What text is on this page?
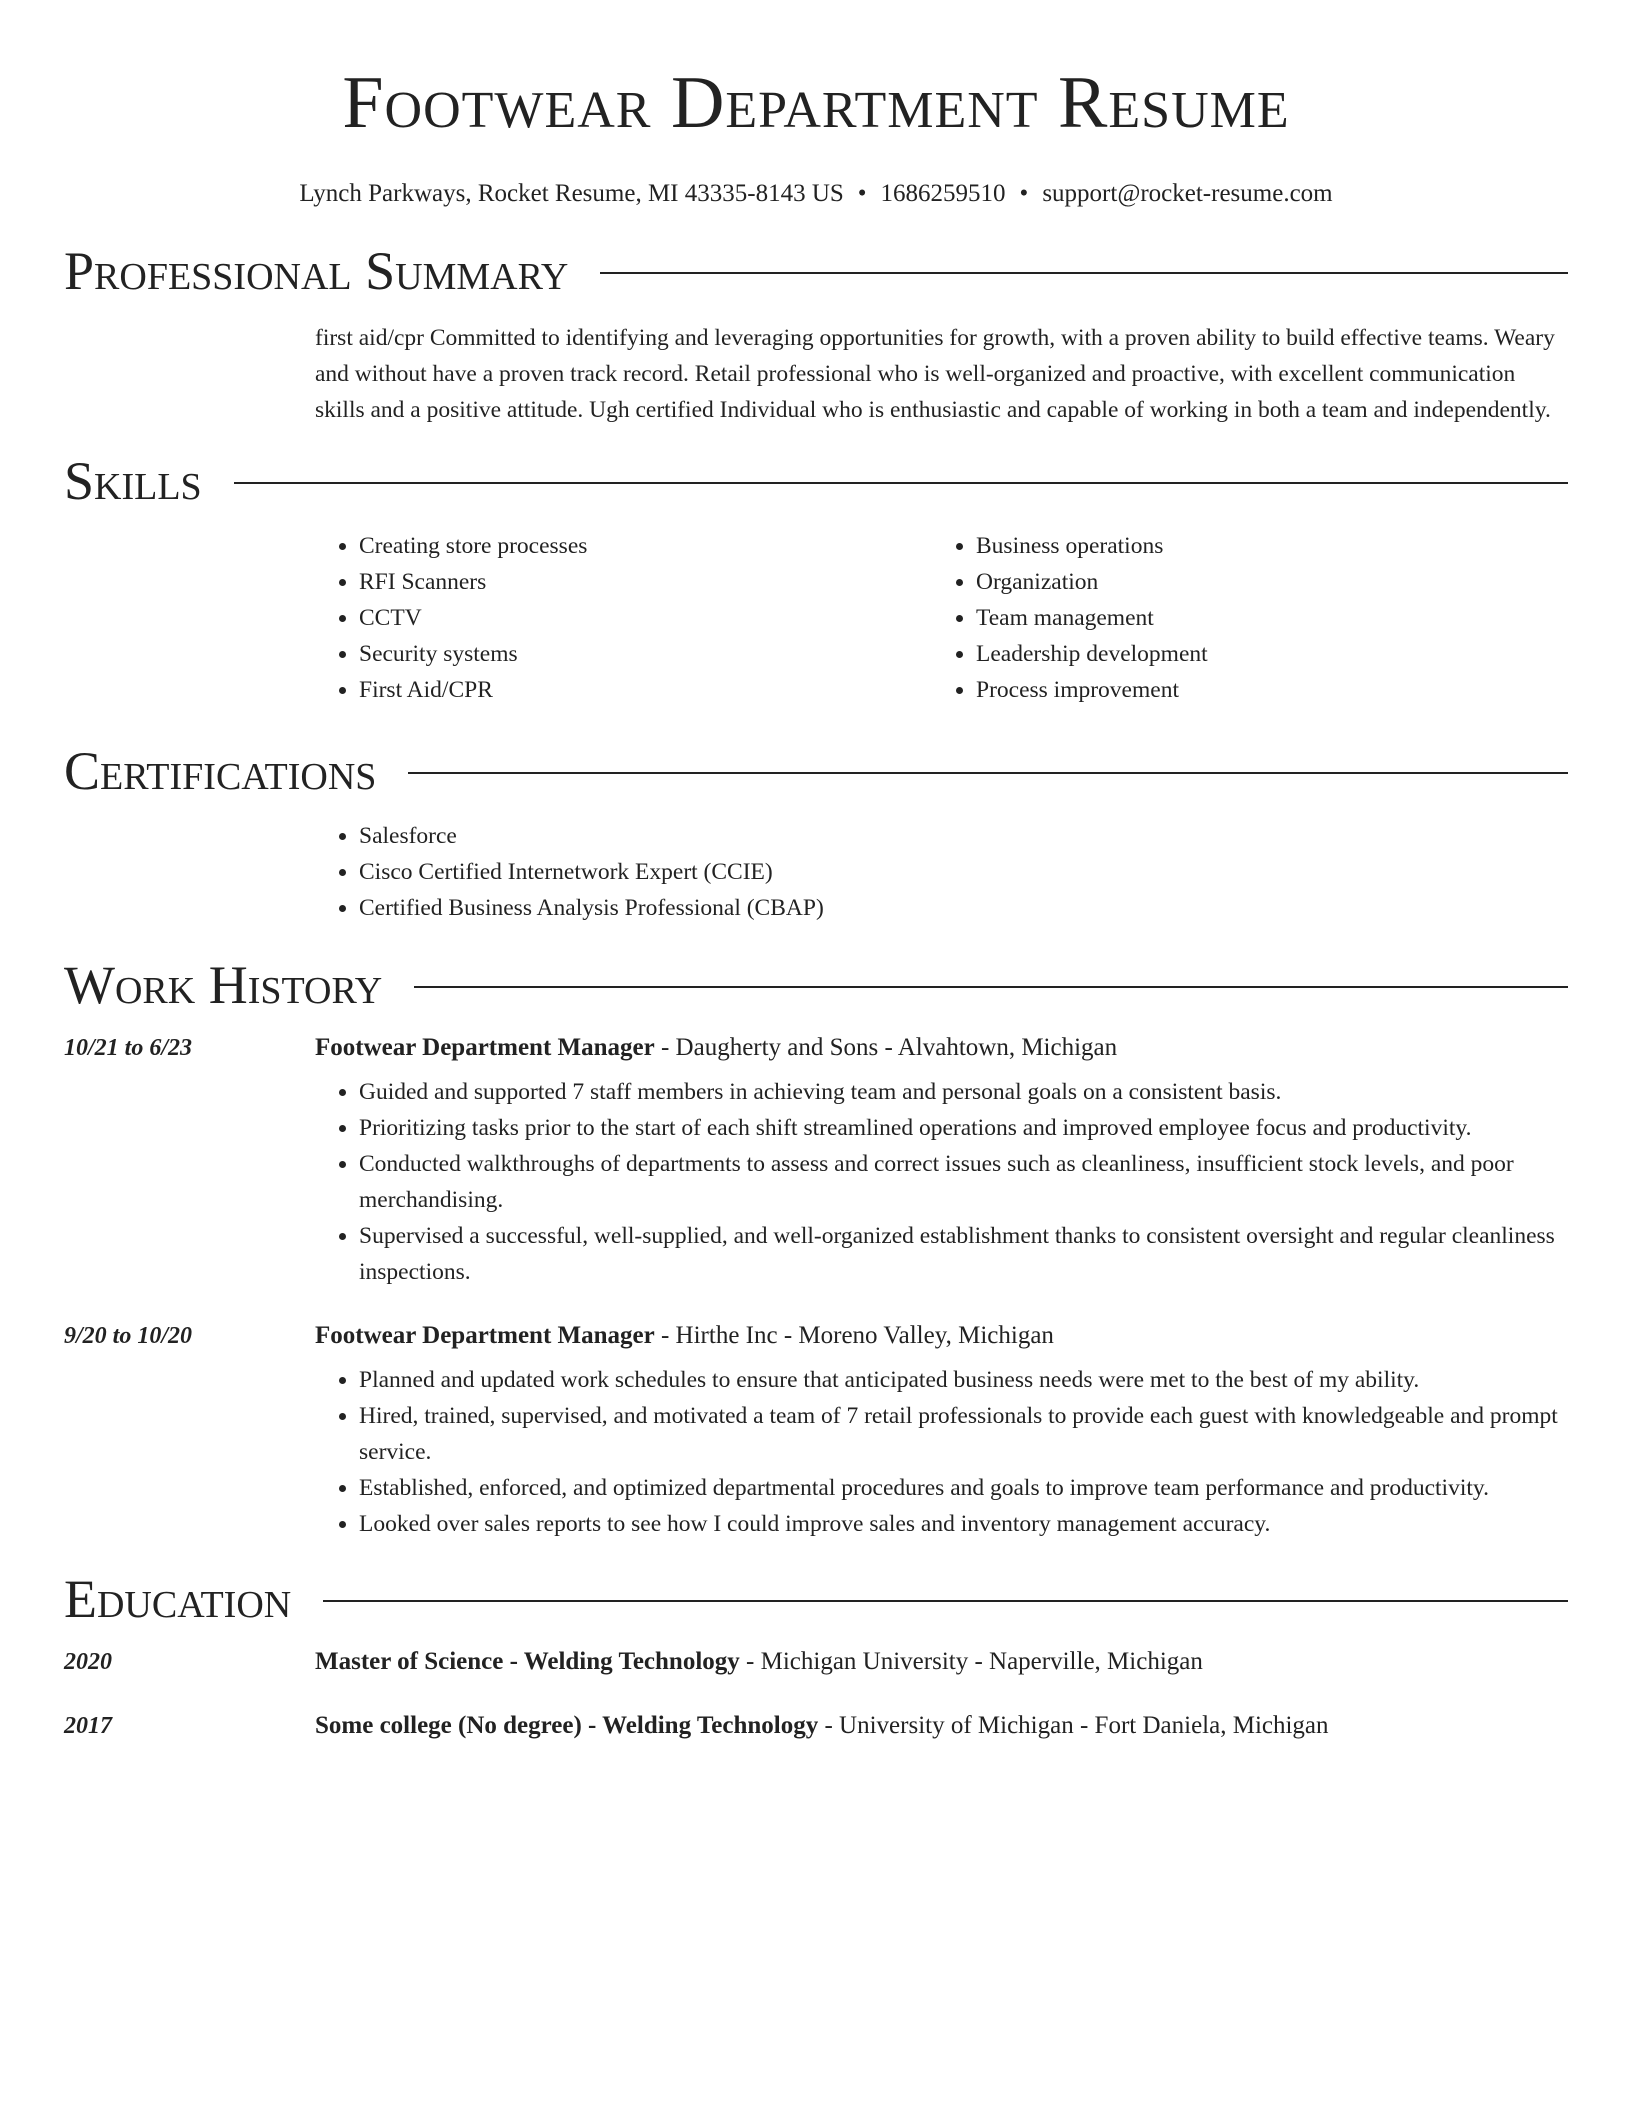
Footwear Department Resume
Lynch Parkways, Rocket Resume, MI 43335-8143 US • 1686259510 • support@rocket-resume.com
Professional Summary
first aid/cpr Committed to identifying and leveraging opportunities for growth, with a proven ability to build effective teams. Weary and without have a proven track record. Retail professional who is well-organized and proactive, with excellent communication skills and a positive attitude. Ugh certified Individual who is enthusiastic and capable of working in both a team and independently.
Skills
• Creating store processes
• RFI Scanners
• CCTV
• Security systems
• First Aid/CPR
• Business operations
• Organization
• Team management
• Leadership development
• Process improvement
Certifications
• Salesforce
• Cisco Certified Internetwork Expert (CCIE)
• Certified Business Analysis Professional (CBAP)
Work History
10/21 to 6/23	Footwear Department Manager - Daugherty and Sons - Alvahtown, Michigan
• Guided and supported 7 staff members in achieving team and personal goals on a consistent basis.
• Prioritizing tasks prior to the start of each shift streamlined operations and improved employee focus and productivity.
• Conducted walkthroughs of departments to assess and correct issues such as cleanliness, insufficient stock levels, and poor merchandising.
• Supervised a successful, well-supplied, and well-organized establishment thanks to consistent oversight and regular cleanliness inspections.
9/20 to 10/20	Footwear Department Manager - Hirthe Inc - Moreno Valley, Michigan
• Planned and updated work schedules to ensure that anticipated business needs were met to the best of my ability.
• Hired, trained, supervised, and motivated a team of 7 retail professionals to provide each guest with knowledgeable and prompt service.
• Established, enforced, and optimized departmental procedures and goals to improve team performance and productivity.
• Looked over sales reports to see how I could improve sales and inventory management accuracy.
Education
2020	Master of Science - Welding Technology - Michigan University - Naperville, Michigan
2017	Some college (No degree) - Welding Technology - University of Michigan - Fort Daniela, Michigan
